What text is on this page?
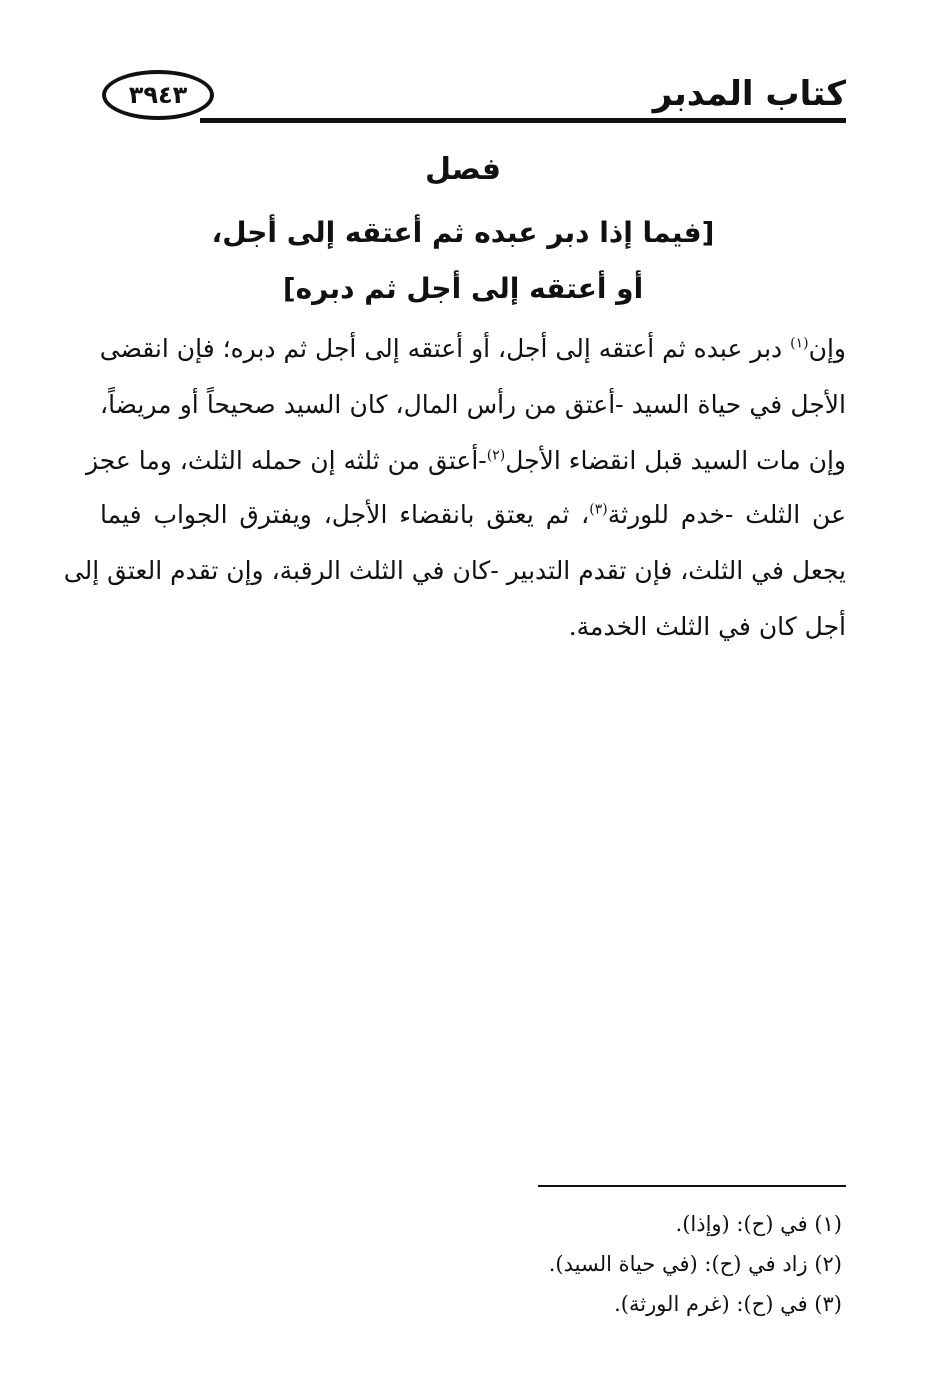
كتاب المدبر
٣٩٤٣
فصل
[فيما إذا دبر عبده ثم أعتقه إلى أجل،
أو أعتقه إلى أجل ثم دبره]
وإن$^{(١)}$ دبر عبده ثم أعتقه إلى أجل، أو أعتقه إلى أجل ثم دبره؛ فإن انقضى
الأجل في حياة السيد -أعتق من رأس المال، كان السيد صحيحاً أو مريضاً،
وإن مات السيد قبل انقضاء الأجل$^{(٢)}$-أعتق من ثلثه إن حمله الثلث، وما عجز
عن الثلث -خدم للورثة$^{(٣)}$، ثم يعتق بانقضاء الأجل، ويفترق الجواب فيما
يجعل في الثلث، فإن تقدم التدبير -كان في الثلث الرقبة، وإن تقدم العتق إلى
أجل كان في الثلث الخدمة.
(١) في (ح): (وإذا).
(٢) زاد في (ح): (في حياة السيد).
(٣) في (ح): (غرم الورثة).
